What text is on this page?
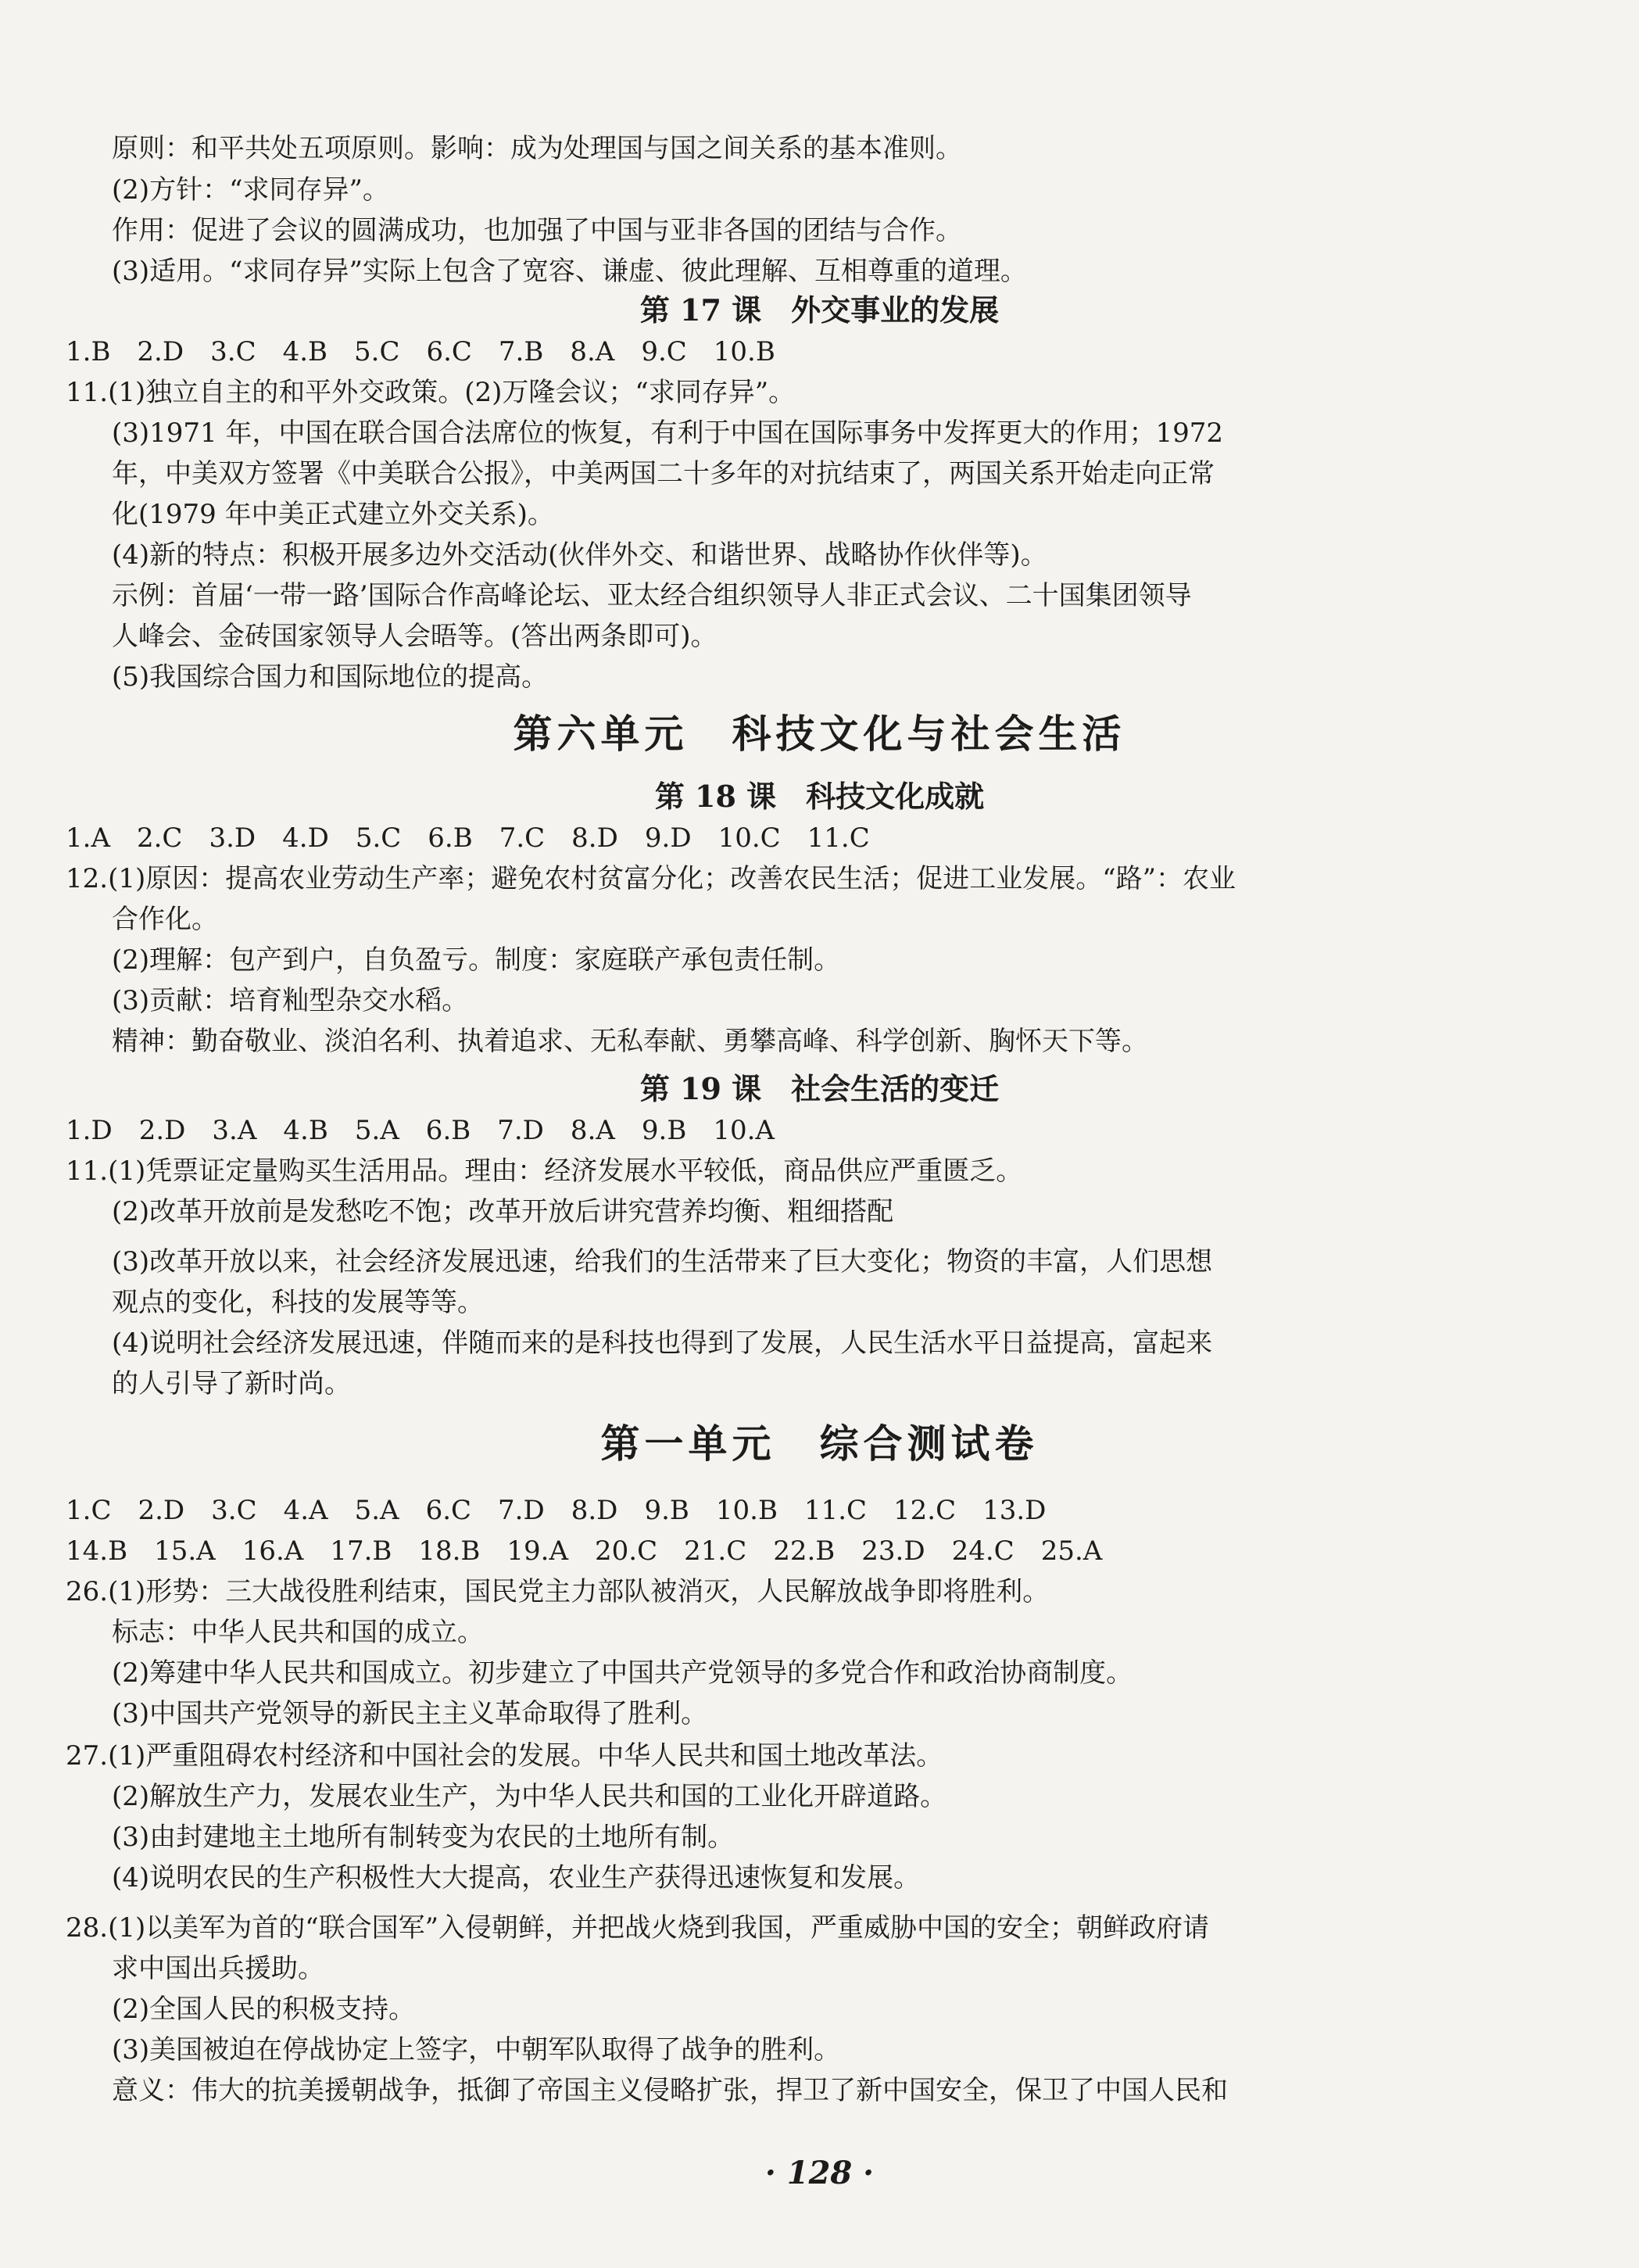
原则：和平共处五项原则。影响：成为处理国与国之间关系的基本准则。
(2)方针：“求同存异”。
作用：促进了会议的圆满成功，也加强了中国与亚非各国的团结与合作。
(3)适用。“求同存异”实际上包含了宽容、谦虚、彼此理解、互相尊重的道理。
第 17 课　外交事业的发展
1.B　2.D　3.C　4.B　5.C　6.C　7.B　8.A　9.C　10.B
11.(1)独立自主的和平外交政策。(2)万隆会议；“求同存异”。
(3)1971 年，中国在联合国合法席位的恢复，有利于中国在国际事务中发挥更大的作用；1972
年，中美双方签署《中美联合公报》，中美两国二十多年的对抗结束了，两国关系开始走向正常
化(1979 年中美正式建立外交关系)。
(4)新的特点：积极开展多边外交活动(伙伴外交、和谐世界、战略协作伙伴等)。
示例：首届‘一带一路’国际合作高峰论坛、亚太经合组织领导人非正式会议、二十国集团领导
人峰会、金砖国家领导人会晤等。(答出两条即可)。
(5)我国综合国力和国际地位的提高。
第六单元　科技文化与社会生活
第 18 课　科技文化成就
1.A　2.C　3.D　4.D　5.C　6.B　7.C　8.D　9.D　10.C　11.C
12.(1)原因：提高农业劳动生产率；避免农村贫富分化；改善农民生活；促进工业发展。“路”：农业
合作化。
(2)理解：包产到户，自负盈亏。制度：家庭联产承包责任制。
(3)贡献：培育籼型杂交水稻。
精神：勤奋敬业、淡泊名利、执着追求、无私奉献、勇攀高峰、科学创新、胸怀天下等。
第 19 课　社会生活的变迁
1.D　2.D　3.A　4.B　5.A　6.B　7.D　8.A　9.B　10.A
11.(1)凭票证定量购买生活用品。理由：经济发展水平较低，商品供应严重匮乏。
(2)改革开放前是发愁吃不饱；改革开放后讲究营养均衡、粗细搭配
(3)改革开放以来，社会经济发展迅速，给我们的生活带来了巨大变化；物资的丰富，人们思想
观点的变化，科技的发展等等。
(4)说明社会经济发展迅速，伴随而来的是科技也得到了发展，人民生活水平日益提高，富起来
的人引导了新时尚。
第一单元　综合测试卷
1.C　2.D　3.C　4.A　5.A　6.C　7.D　8.D　9.B　10.B　11.C　12.C　13.D
14.B　15.A　16.A　17.B　18.B　19.A　20.C　21.C　22.B　23.D　24.C　25.A
26.(1)形势：三大战役胜利结束，国民党主力部队被消灭，人民解放战争即将胜利。
标志：中华人民共和国的成立。
(2)筹建中华人民共和国成立。初步建立了中国共产党领导的多党合作和政治协商制度。
(3)中国共产党领导的新民主主义革命取得了胜利。
27.(1)严重阻碍农村经济和中国社会的发展。中华人民共和国土地改革法。
(2)解放生产力，发展农业生产，为中华人民共和国的工业化开辟道路。
(3)由封建地主土地所有制转变为农民的土地所有制。
(4)说明农民的生产积极性大大提高，农业生产获得迅速恢复和发展。
28.(1)以美军为首的“联合国军”入侵朝鲜，并把战火烧到我国，严重威胁中国的安全；朝鲜政府请
求中国出兵援助。
(2)全国人民的积极支持。
(3)美国被迫在停战协定上签字，中朝军队取得了战争的胜利。
意义：伟大的抗美援朝战争，抵御了帝国主义侵略扩张，捍卫了新中国安全，保卫了中国人民和
· 128 ·
